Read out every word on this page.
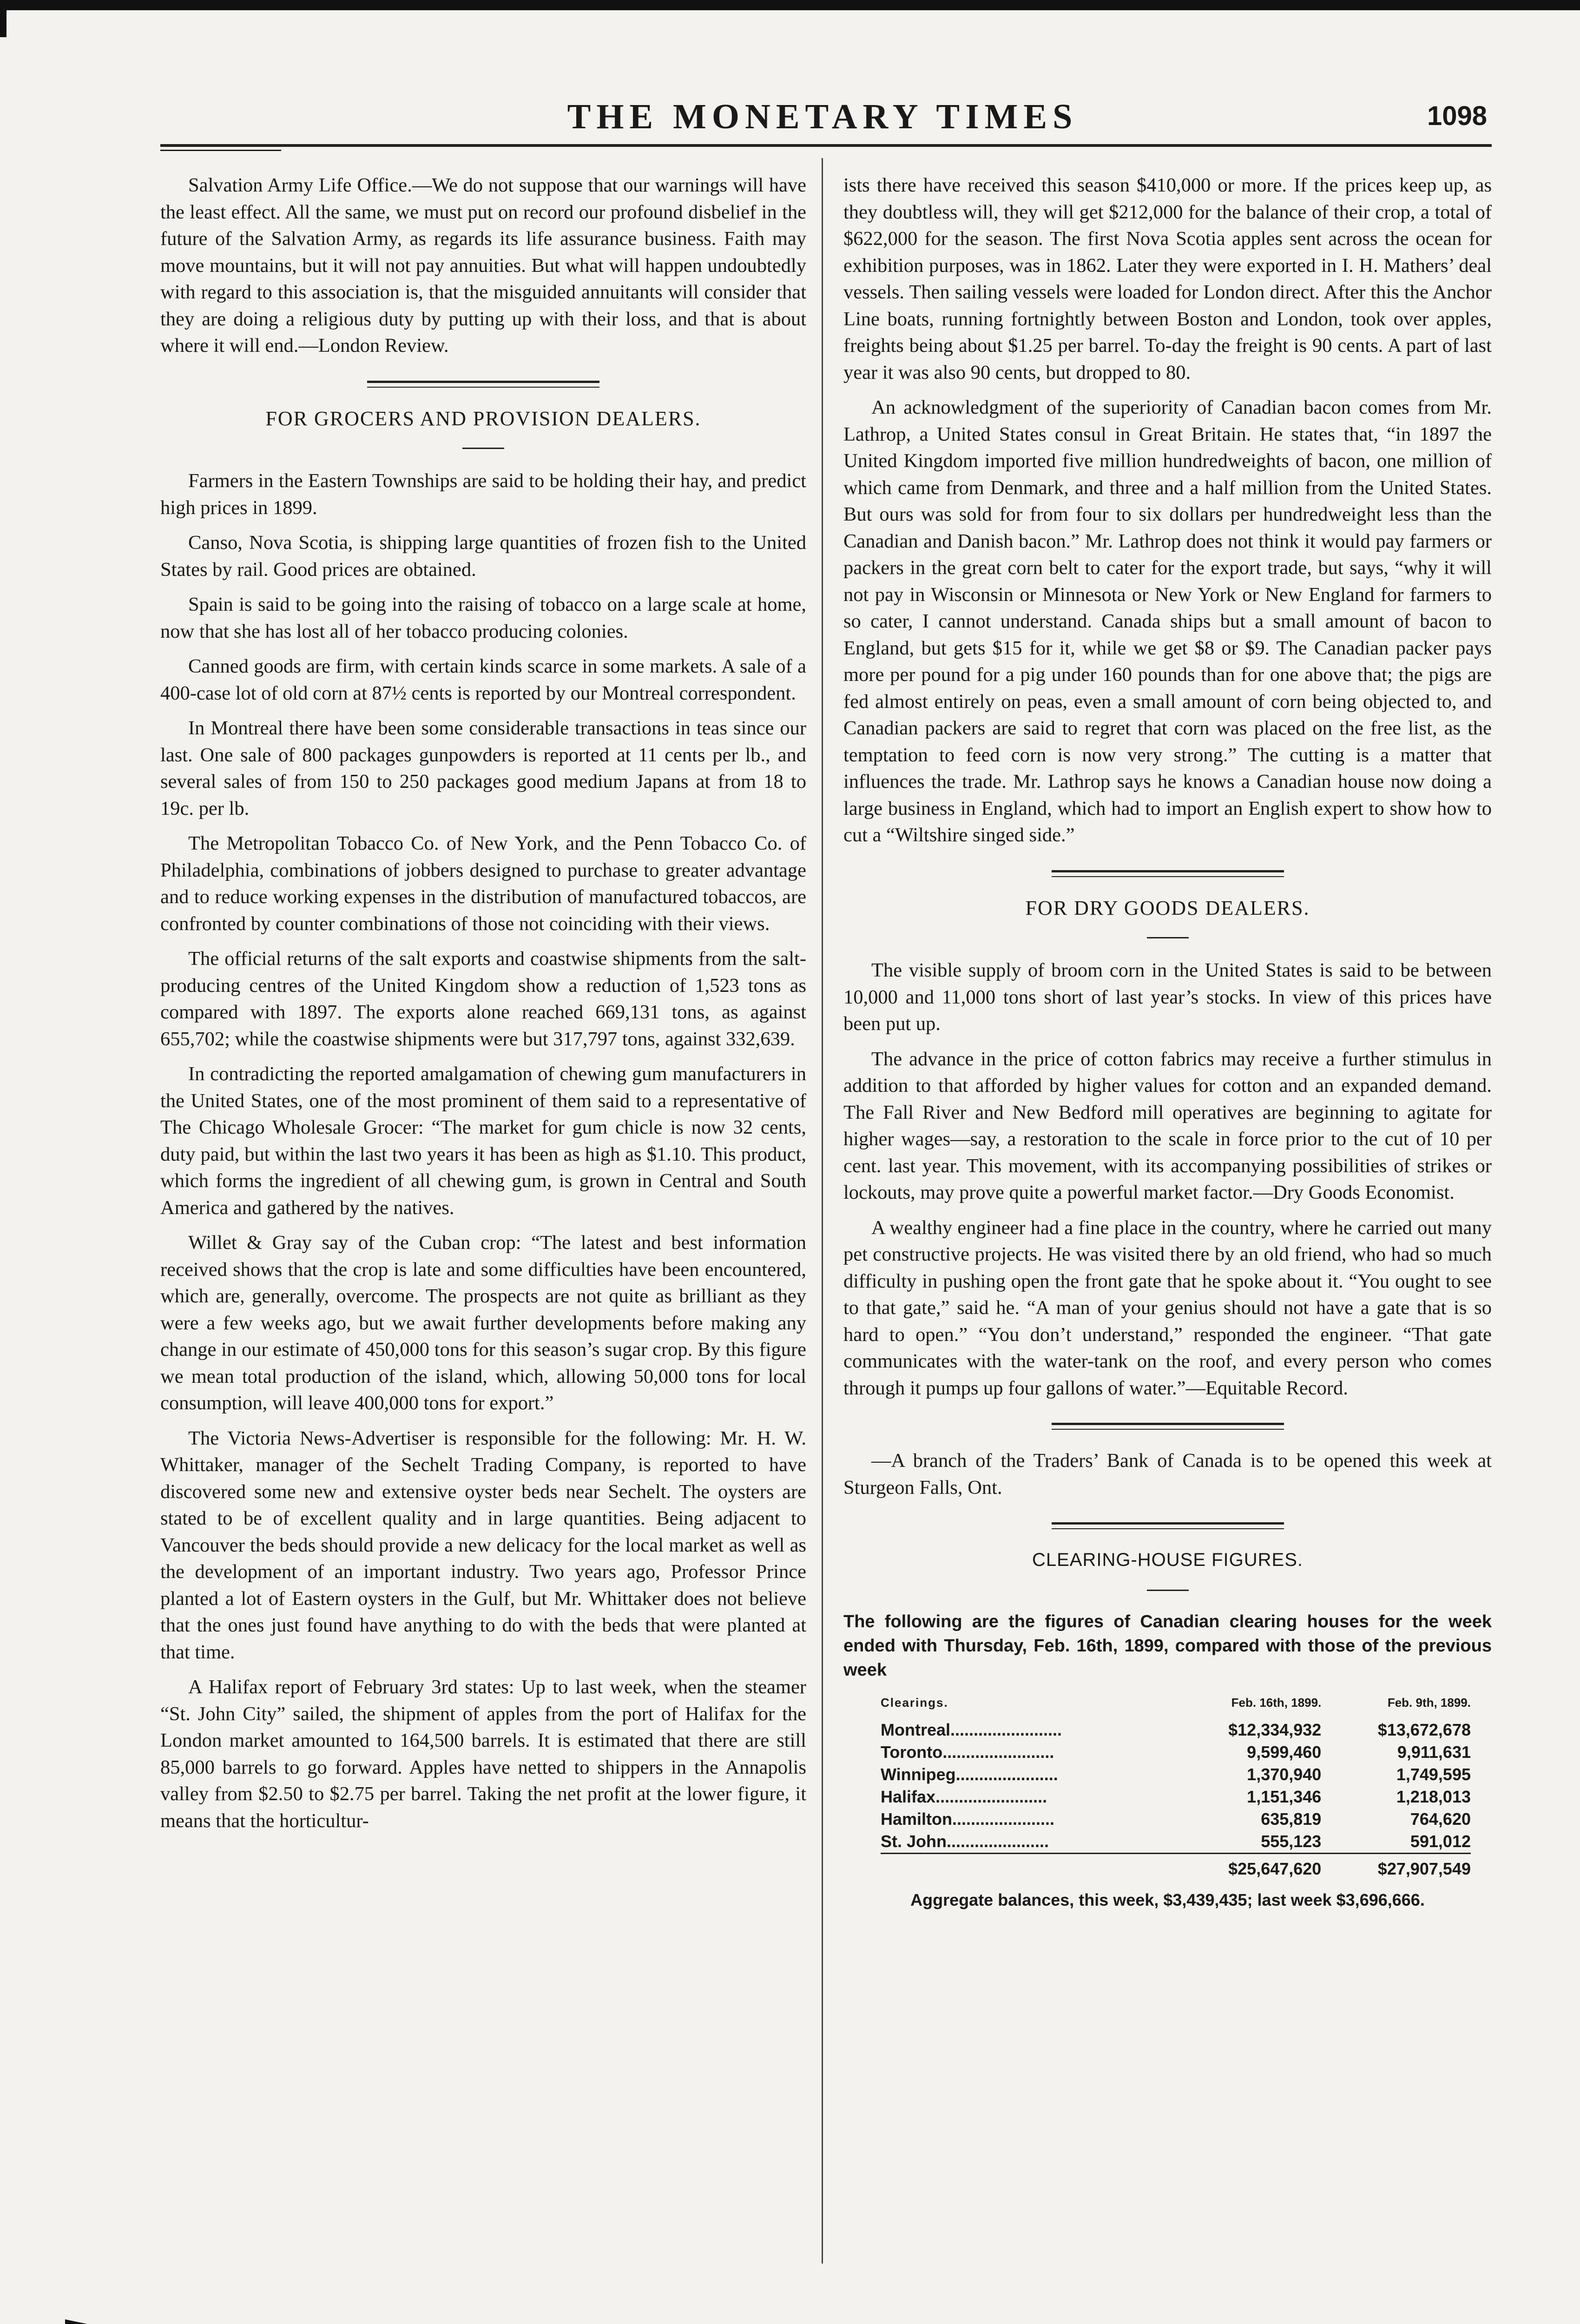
THE MONETARY TIMES	1098

Salvation Army Life Office.—We do not suppose that our warnings will have the least effect. All the same, we must put on record our profound disbelief in the future of the Salvation Army, as regards its life assurance business. Faith may move mountains, but it will not pay annuities. But what will happen undoubtedly with regard to this association is, that the misguided annuitants will consider that they are doing a religious duty by putting up with their loss, and that is about where it will end.—London Review.

FOR GROCERS AND PROVISION DEALERS.

Farmers in the Eastern Townships are said to be holding their hay, and predict high prices in 1899.

Canso, Nova Scotia, is shipping large quantities of frozen fish to the United States by rail. Good prices are obtained.

Spain is said to be going into the raising of tobacco on a large scale at home, now that she has lost all of her tobacco producing colonies.

Canned goods are firm, with certain kinds scarce in some markets. A sale of a 400-case lot of old corn at 87½ cents is reported by our Montreal correspondent.

In Montreal there have been some considerable transactions in teas since our last. One sale of 800 packages gunpowders is reported at 11 cents per lb., and several sales of from 150 to 250 packages good medium Japans at from 18 to 19c. per lb.

The Metropolitan Tobacco Co. of New York, and the Penn Tobacco Co. of Philadelphia, combinations of jobbers designed to purchase to greater advantage and to reduce working expenses in the distribution of manufactured tobaccos, are confronted by counter combinations of those not coinciding with their views.

The official returns of the salt exports and coastwise shipments from the salt-producing centres of the United Kingdom show a reduction of 1,523 tons as compared with 1897. The exports alone reached 669,131 tons, as against 655,702; while the coastwise shipments were but 317,797 tons, against 332,639.

In contradicting the reported amalgamation of chewing gum manufacturers in the United States, one of the most prominent of them said to a representative of The Chicago Wholesale Grocer: “The market for gum chicle is now 32 cents, duty paid, but within the last two years it has been as high as $1.10. This product, which forms the ingredient of all chewing gum, is grown in Central and South America and gathered by the natives.

Willet & Gray say of the Cuban crop: “The latest and best information received shows that the crop is late and some difficulties have been encountered, which are, generally, overcome. The prospects are not quite as brilliant as they were a few weeks ago, but we await further developments before making any change in our estimate of 450,000 tons for this season’s sugar crop. By this figure we mean total production of the island, which, allowing 50,000 tons for local consumption, will leave 400,000 tons for export.”

The Victoria News-Advertiser is responsible for the following: Mr. H. W. Whittaker, manager of the Sechelt Trading Company, is reported to have discovered some new and extensive oyster beds near Sechelt. The oysters are stated to be of excellent quality and in large quantities. Being adjacent to Vancouver the beds should provide a new delicacy for the local market as well as the development of an important industry. Two years ago, Professor Prince planted a lot of Eastern oysters in the Gulf, but Mr. Whittaker does not believe that the ones just found have anything to do with the beds that were planted at that time.

A Halifax report of February 3rd states: Up to last week, when the steamer “St. John City” sailed, the shipment of apples from the port of Halifax for the London market amounted to 164,500 barrels. It is estimated that there are still 85,000 barrels to go forward. Apples have netted to shippers in the Annapolis valley from $2.50 to $2.75 per barrel. Taking the net profit at the lower figure, it means that the horticultur-

ists there have received this season $410,000 or more. If the prices keep up, as they doubtless will, they will get $212,000 for the balance of their crop, a total of $622,000 for the season. The first Nova Scotia apples sent across the ocean for exhibition purposes, was in 1862. Later they were exported in I. H. Mathers’ deal vessels. Then sailing vessels were loaded for London direct. After this the Anchor Line boats, running fortnightly between Boston and London, took over apples, freights being about $1.25 per barrel. To-day the freight is 90 cents. A part of last year it was also 90 cents, but dropped to 80.

An acknowledgment of the superiority of Canadian bacon comes from Mr. Lathrop, a United States consul in Great Britain. He states that, “in 1897 the United Kingdom imported five million hundredweights of bacon, one million of which came from Denmark, and three and a half million from the United States. But ours was sold for from four to six dollars per hundredweight less than the Canadian and Danish bacon.” Mr. Lathrop does not think it would pay farmers or packers in the great corn belt to cater for the export trade, but says, “why it will not pay in Wisconsin or Minnesota or New York or New England for farmers to so cater, I cannot understand. Canada ships but a small amount of bacon to England, but gets $15 for it, while we get $8 or $9. The Canadian packer pays more per pound for a pig under 160 pounds than for one above that; the pigs are fed almost entirely on peas, even a small amount of corn being objected to, and Canadian packers are said to regret that corn was placed on the free list, as the temptation to feed corn is now very strong.” The cutting is a matter that influences the trade. Mr. Lathrop says he knows a Canadian house now doing a large business in England, which had to import an English expert to show how to cut a “Wiltshire singed side.”

FOR DRY GOODS DEALERS.

The visible supply of broom corn in the United States is said to be between 10,000 and 11,000 tons short of last year’s stocks. In view of this prices have been put up.

The advance in the price of cotton fabrics may receive a further stimulus in addition to that afforded by higher values for cotton and an expanded demand. The Fall River and New Bedford mill operatives are beginning to agitate for higher wages—say, a restoration to the scale in force prior to the cut of 10 per cent. last year. This movement, with its accompanying possibilities of strikes or lockouts, may prove quite a powerful market factor.—Dry Goods Economist.

A wealthy engineer had a fine place in the country, where he carried out many pet constructive projects. He was visited there by an old friend, who had so much difficulty in pushing open the front gate that he spoke about it. “You ought to see to that gate,” said he. “A man of your genius should not have a gate that is so hard to open.” “You don’t understand,” responded the engineer. “That gate communicates with the water-tank on the roof, and every person who comes through it pumps up four gallons of water.”—Equitable Record.

—A branch of the Traders’ Bank of Canada is to be opened this week at Sturgeon Falls, Ont.

CLEARING-HOUSE FIGURES.

The following are the figures of Canadian clearing houses for the week ended with Thursday, Feb. 16th, 1899, compared with those of the previous week

Clearings.	Feb. 16th, 1899.	Feb. 9th, 1899.
Montreal........................	$12,334,932	$13,672,678
Toronto........................	9,599,460	9,911,631
Winnipeg......................	1,370,940	1,749,595
Halifax........................	1,151,346	1,218,013
Hamilton......................	635,819	764,620
St. John......................	555,123	591,012
	$25,647,620	$27,907,549
Aggregate balances, this week, $3,439,435; last week $3,696,666.
